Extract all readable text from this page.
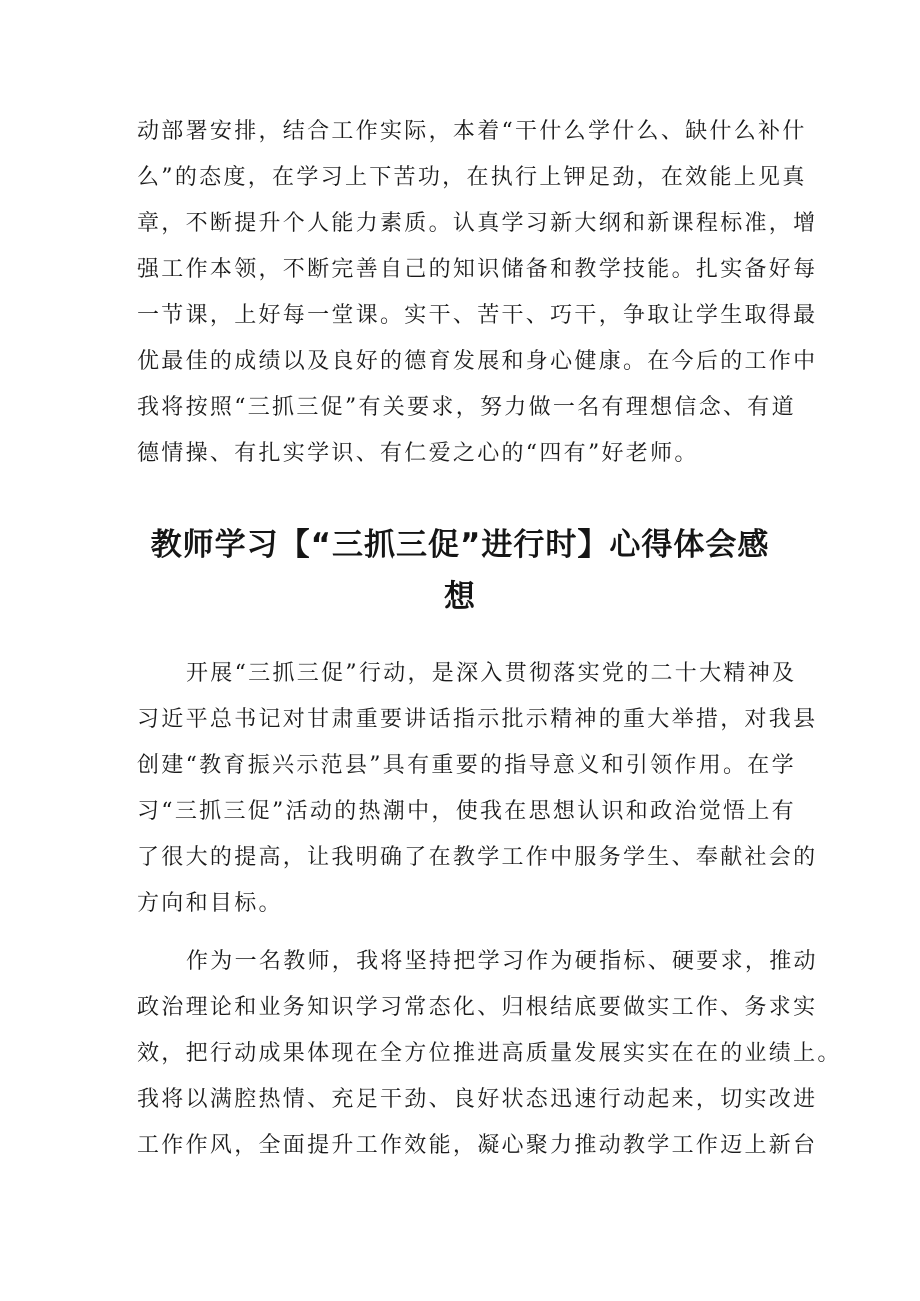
动部署安排，结合工作实际，本着“干什么学什么、缺什么补什
么”的态度，在学习上下苦功，在执行上钾足劲，在效能上见真
章，不断提升个人能力素质。认真学习新大纲和新课程标准，增
强工作本领，不断完善自己的知识储备和教学技能。扎实备好每
一节课，上好每一堂课。实干、苦干、巧干，争取让学生取得最
优最佳的成绩以及良好的德育发展和身心健康。在今后的工作中
我将按照“三抓三促”有关要求，努力做一名有理想信念、有道
德情操、有扎实学识、有仁爱之心的“四有”好老师。
教师学习【“三抓三促”进行时】心得体会感
想
开展“三抓三促”行动，是深入贯彻落实党的二十大精神及
习近平总书记对甘肃重要讲话指示批示精神的重大举措，对我县
创建“教育振兴示范县”具有重要的指导意义和引领作用。在学
习“三抓三促”活动的热潮中，使我在思想认识和政治觉悟上有
了很大的提高，让我明确了在教学工作中服务学生、奉献社会的
方向和目标。
作为一名教师，我将坚持把学习作为硬指标、硬要求，推动
政治理论和业务知识学习常态化、归根结底要做实工作、务求实
效，把行动成果体现在全方位推进高质量发展实实在在的业绩上。
我将以满腔热情、充足干劲、良好状态迅速行动起来，切实改进
工作作风，全面提升工作效能，凝心聚力推动教学工作迈上新台
